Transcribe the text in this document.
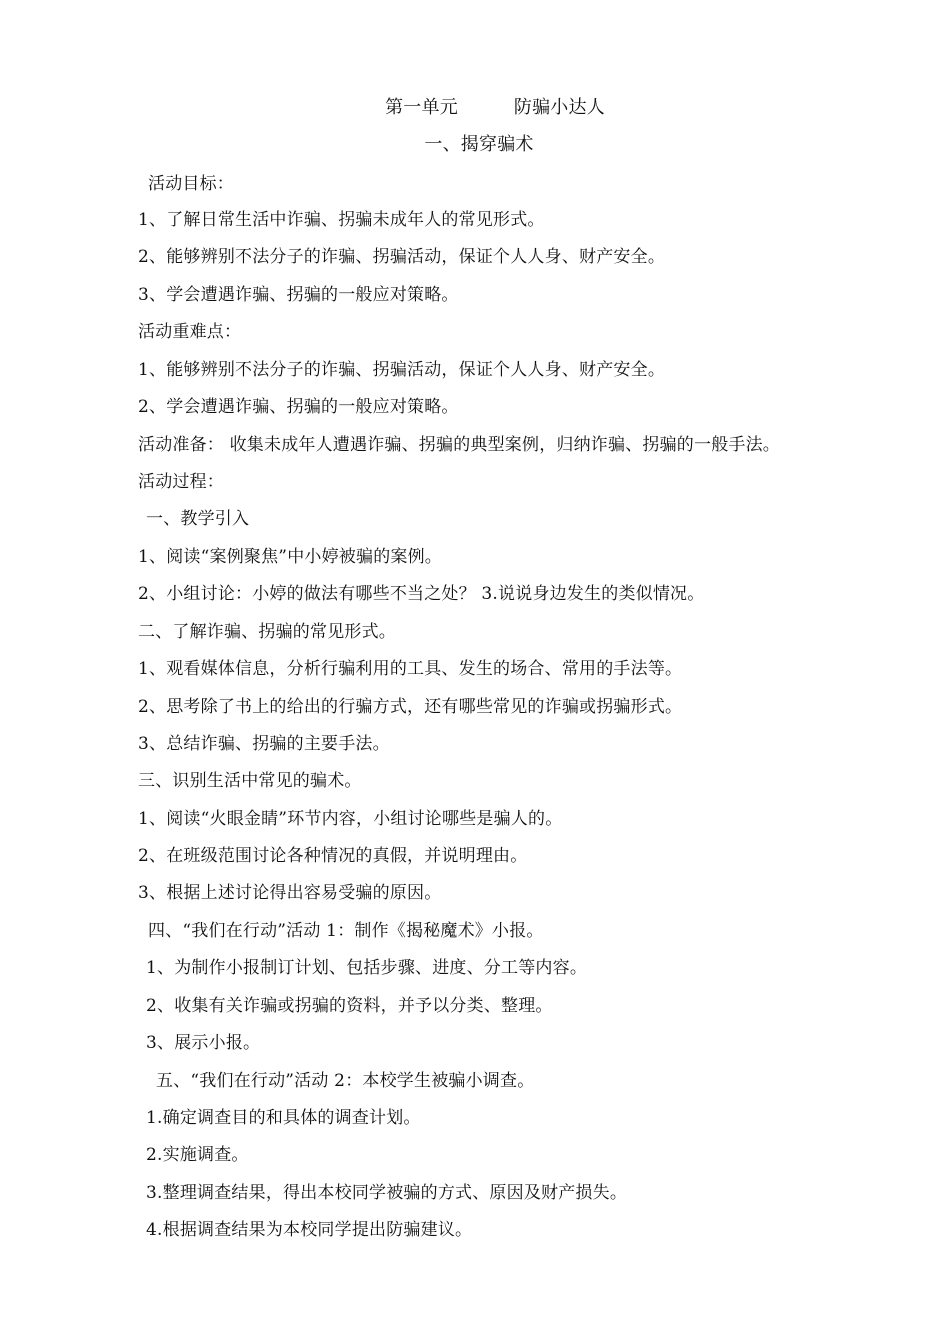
第一单元	防骗小达人
一、揭穿骗术
活动目标：
1、了解日常生活中诈骗、拐骗未成年人的常见形式。
2、能够辨别不法分子的诈骗、拐骗活动，保证个人人身、财产安全。
3、学会遭遇诈骗、拐骗的一般应对策略。
活动重难点：
1、能够辨别不法分子的诈骗、拐骗活动，保证个人人身、财产安全。
2、学会遭遇诈骗、拐骗的一般应对策略。
活动准备： 收集未成年人遭遇诈骗、拐骗的典型案例，归纳诈骗、拐骗的一般手法。
活动过程：
一、教学引入
1、阅读“案例聚焦”中小婷被骗的案例。
2、小组讨论：小婷的做法有哪些不当之处？ 3.说说身边发生的类似情况。
二、了解诈骗、拐骗的常见形式。
1、观看媒体信息，分析行骗利用的工具、发生的场合、常用的手法等。
2、思考除了书上的给出的行骗方式，还有哪些常见的诈骗或拐骗形式。
3、总结诈骗、拐骗的主要手法。
三、识别生活中常见的骗术。
1、阅读“火眼金睛”环节内容，小组讨论哪些是骗人的。
2、在班级范围讨论各种情况的真假，并说明理由。
3、根据上述讨论得出容易受骗的原因。
四、“我们在行动”活动 1：制作《揭秘魔术》小报。
1、为制作小报制订计划、包括步骤、进度、分工等内容。
2、收集有关诈骗或拐骗的资料，并予以分类、整理。
3、展示小报。
五、“我们在行动”活动 2：本校学生被骗小调查。
1.确定调查目的和具体的调查计划。
2.实施调查。
3.整理调查结果，得出本校同学被骗的方式、原因及财产损失。
4.根据调查结果为本校同学提出防骗建议。
